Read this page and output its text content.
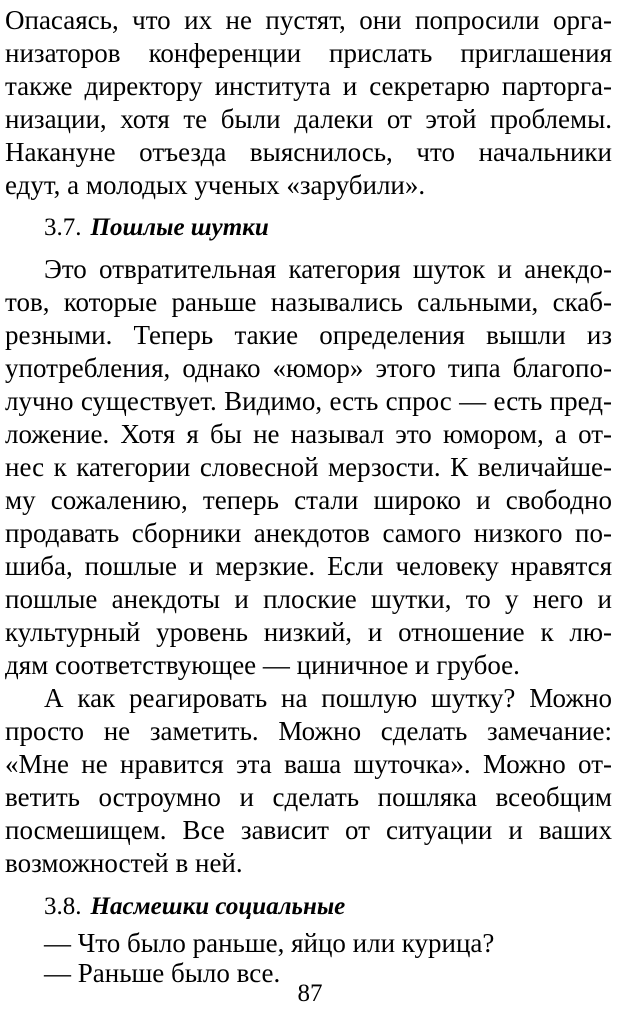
Опасаясь, что их не пустят, они попросили орга-
низаторов конференции прислать приглашения
также директору института и секретарю парторга-
низации, хотя те были далеки от этой проблемы.
Накануне отъезда выяснилось, что начальники
едут, а молодых ученых «зарубили».
3.7. Пошлые шутки
Это отвратительная категория шуток и анекдо-
тов, которые раньше назывались сальными, скаб-
резными. Теперь такие определения вышли из
употребления, однако «юмор» этого типа благопо-
лучно существует. Видимо, есть спрос — есть пред-
ложение. Хотя я бы не называл это юмором, а от-
нес к категории словесной мерзости. К величайше-
му сожалению, теперь стали широко и свободно
продавать сборники анекдотов самого низкого по-
шиба, пошлые и мерзкие. Если человеку нравятся
пошлые анекдоты и плоские шутки, то у него и
культурный уровень низкий, и отношение к лю-
дям соответствующее — циничное и грубое.
А как реагировать на пошлую шутку? Можно
просто не заметить. Можно сделать замечание:
«Мне не нравится эта ваша шуточка». Можно от-
ветить остроумно и сделать пошляка всеобщим
посмешищем. Все зависит от ситуации и ваших
возможностей в ней.
3.8. Насмешки социальные
— Что было раньше, яйцо или курица?
— Раньше было все.
87
